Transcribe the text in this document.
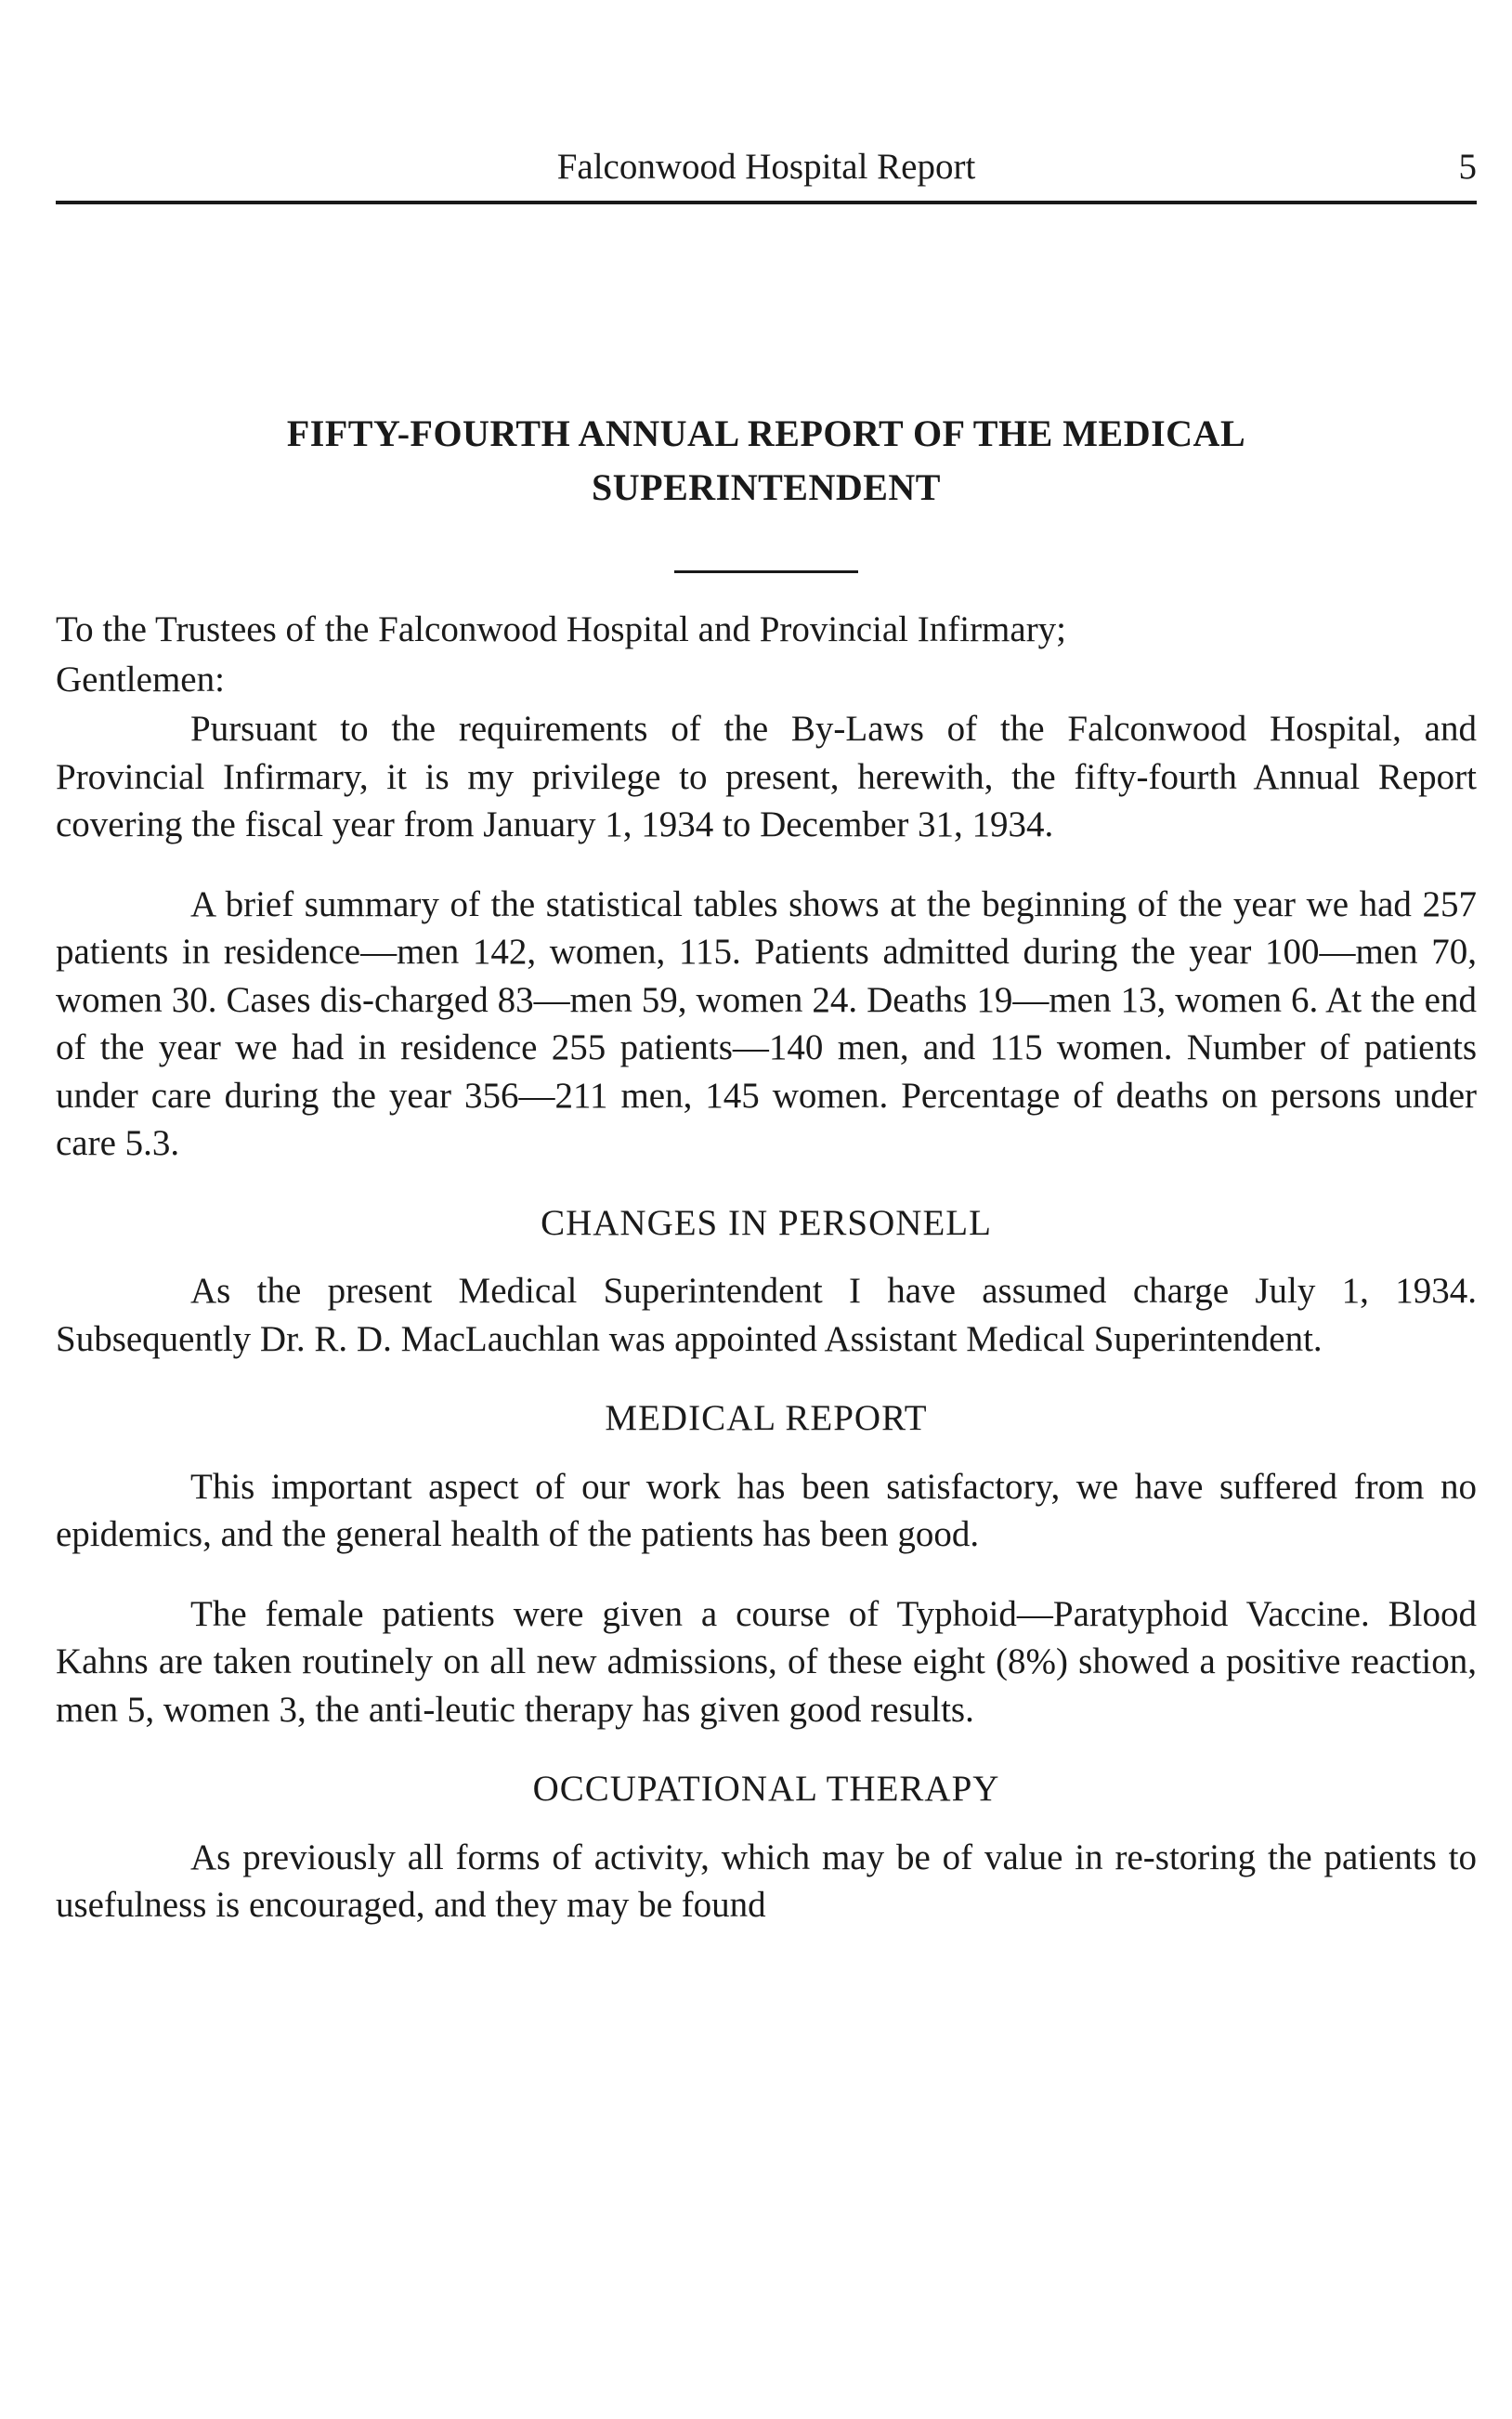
Falconwood Hospital Report	5
FIFTY-FOURTH ANNUAL REPORT OF THE MEDICAL
SUPERINTENDENT

To the Trustees of the Falconwood Hospital and Provincial Infirmary;

Gentlemen:

Pursuant to the requirements of the By-Laws of the Falconwood Hospital, and Provincial Infirmary, it is my privilege to present, herewith, the fifty-fourth Annual Report covering the fiscal year from January 1, 1934 to December 31, 1934.

A brief summary of the statistical tables shows at the beginning of the year we had 257 patients in residence—men 142, women, 115. Patients admitted during the year 100—men 70, women 30. Cases dis-charged 83—men 59, women 24. Deaths 19—men 13, women 6. At the end of the year we had in residence 255 patients—140 men, and 115 women. Number of patients under care during the year 356—211 men, 145 women. Percentage of deaths on persons under care 5.3.

CHANGES IN PERSONELL

As the present Medical Superintendent I have assumed charge July 1, 1934. Subsequently Dr. R. D. MacLauchlan was appointed Assistant Medical Superintendent.

MEDICAL REPORT

This important aspect of our work has been satisfactory, we have suffered from no epidemics, and the general health of the patients has been good.

The female patients were given a course of Typhoid—Paratyphoid Vaccine. Blood Kahns are taken routinely on all new admissions, of these eight (8%) showed a positive reaction, men 5, women 3, the anti-leutic therapy has given good results.

OCCUPATIONAL THERAPY

As previously all forms of activity, which may be of value in re-storing the patients to usefulness is encouraged, and they may be found
